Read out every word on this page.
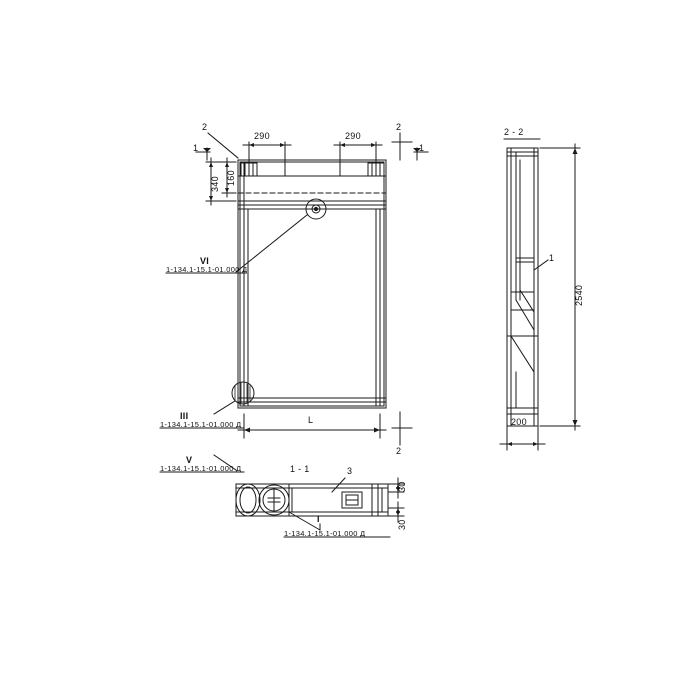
290	290
340 160
2	2
2
1	1
VI
1-134.1-15.1-01.000 Д
III
1-134.1-15.1-01.000 Д
V
1-134.1-15.1-01.000 Д
L
2 - 2
1
2540
200
1 - 1	3
30
30
I
1-134.1-15.1-01.000 Д
